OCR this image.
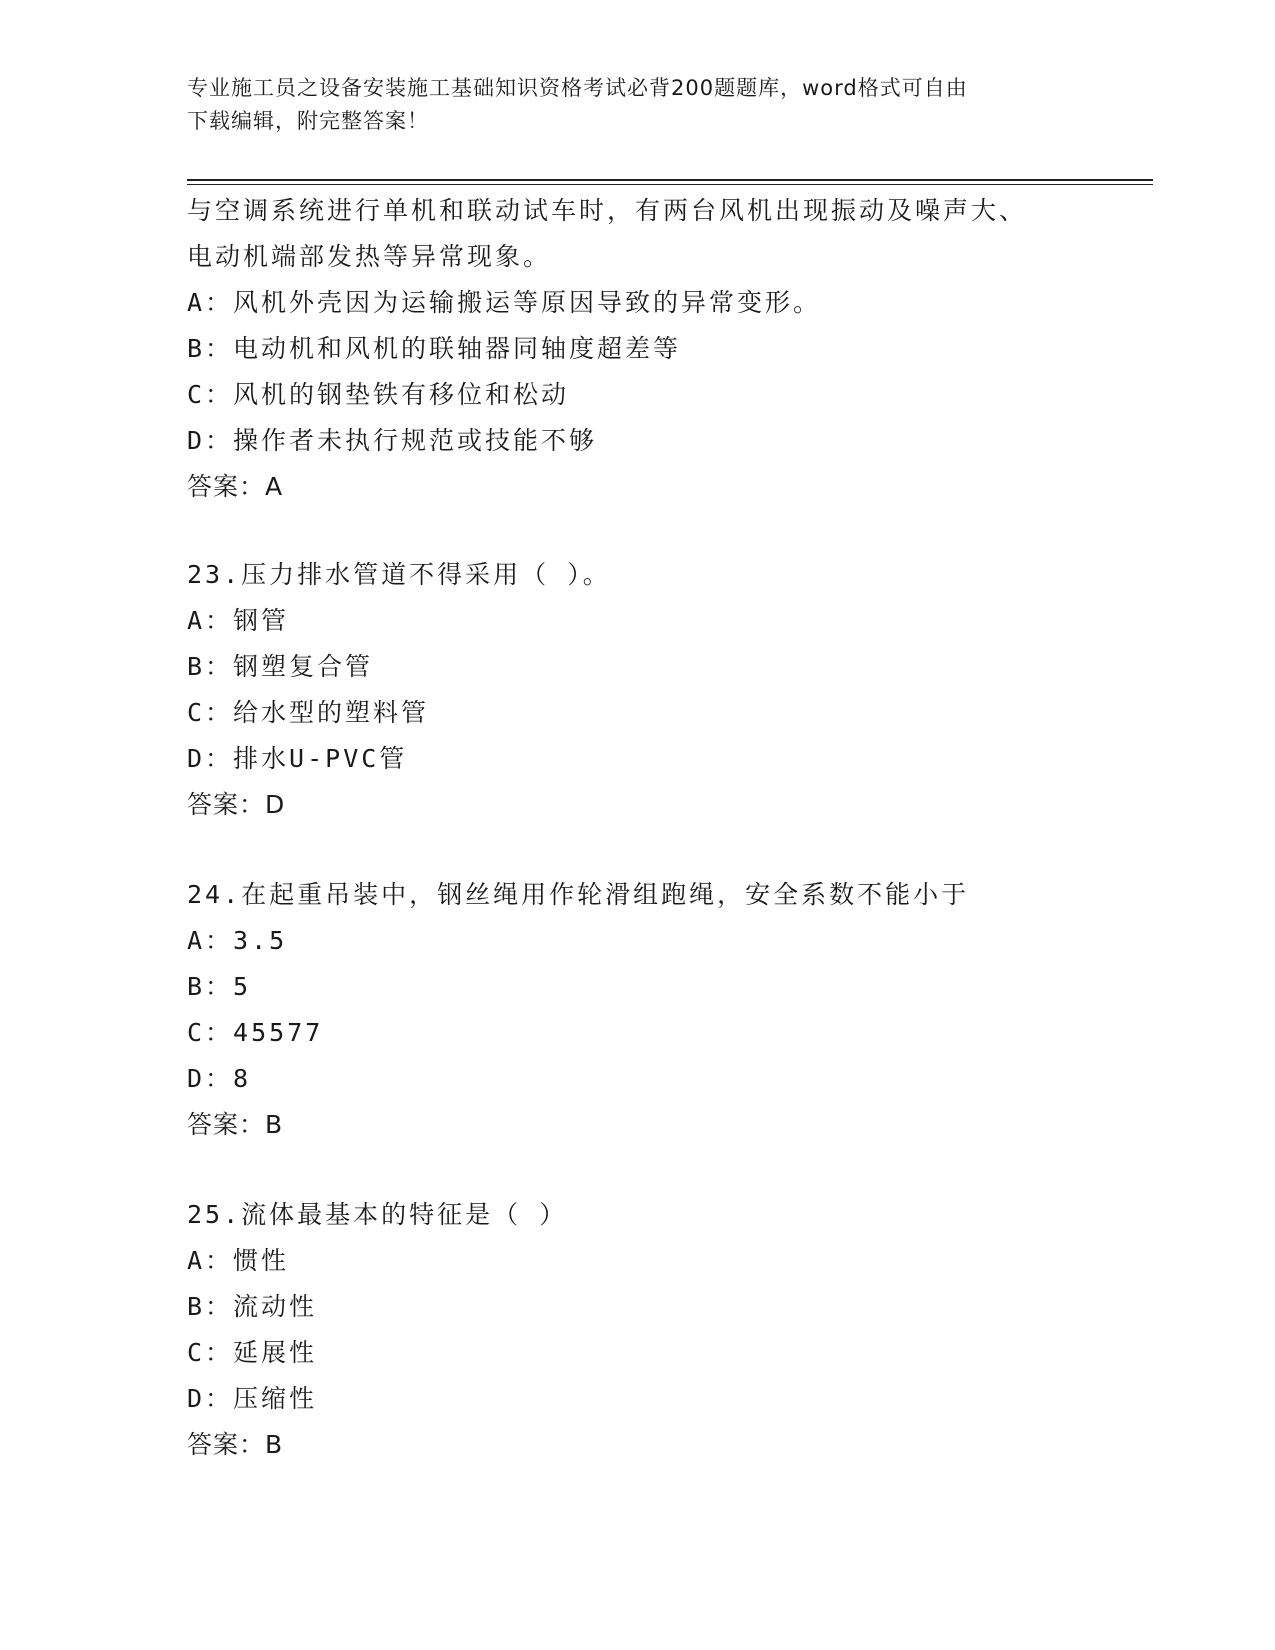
专业施工员之设备安装施工基础知识资格考试必背200题题库，word格式可自由
下载编辑，附完整答案！
与空调系统进行单机和联动试车时，有两台风机出现振动及噪声大、
电动机端部发热等异常现象。
A：风机外壳因为运输搬运等原因导致的异常变形。
B：电动机和风机的联轴器同轴度超差等
C：风机的钢垫铁有移位和松动
D：操作者未执行规范或技能不够
答案：A
23.压力排水管道不得采用（ ）。
A：钢管
B：钢塑复合管
C：给水型的塑料管
D：排水U-PVC管
答案：D
24.在起重吊装中，钢丝绳用作轮滑组跑绳，安全系数不能小于
A：3.5
B：5
C：45577
D：8
答案：B
25.流体最基本的特征是（ ）
A：惯性
B：流动性
C：延展性
D：压缩性
答案：B
